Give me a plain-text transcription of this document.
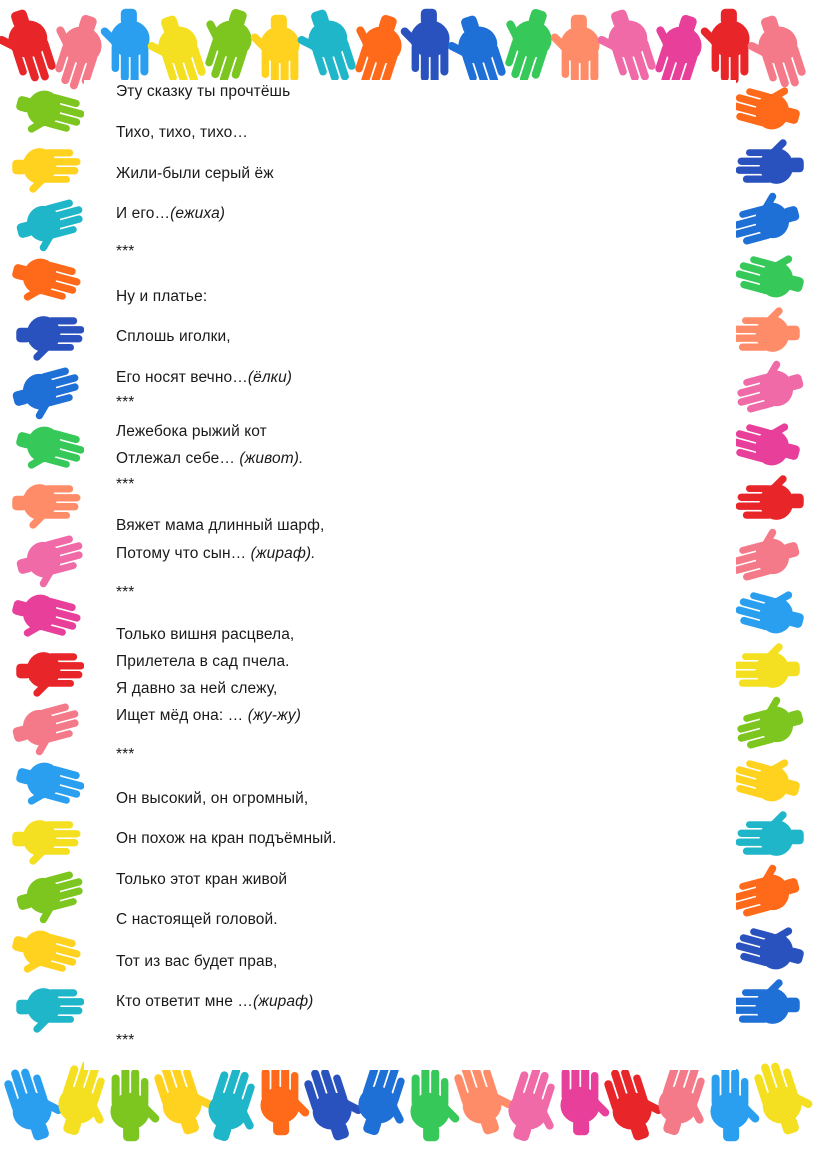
Эту сказку ты прочтёшь
Тихо, тихо, тихо…
Жили-были серый ёж
И его…(ежиха)
***
Ну и платье:
Сплошь иголки,
Его носят вечно…(ёлки)
***
Лежебока рыжий кот
Отлежал себе… (живот).
***
Вяжет мама длинный шарф,
Потому что сын… (жираф).
***
Только вишня расцвела,
Прилетела в сад пчела.
Я давно за ней слежу,
Ищет мёд она: … (жу-жу)
***
Он высокий, он огромный,
Он похож на кран подъёмный.
Только этот кран живой
С настоящей головой.
Тот из вас будет прав,
Кто ответит мне …(жираф)
***
